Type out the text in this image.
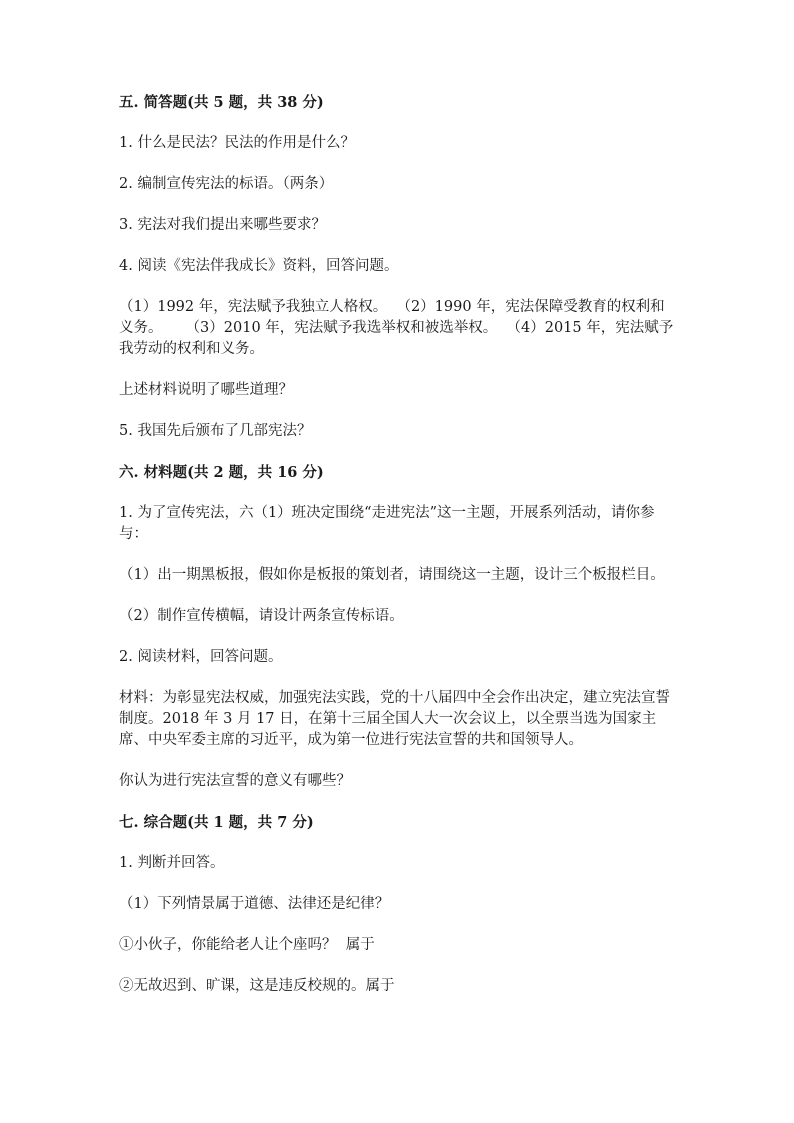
五. 简答题(共 5 题，共 38 分)
1. 什么是民法？民法的作用是什么？
2. 编制宣传宪法的标语。（两条）
3. 宪法对我们提出来哪些要求？
4. 阅读《宪法伴我成长》资料，回答问题。
（1）1992 年，宪法赋予我独立人格权。  （2）1990 年，宪法保障受教育的权利和义务。     （3）2010 年，宪法赋予我选举权和被选举权。  （4）2015 年，宪法赋予我劳动的权利和义务。
上述材料说明了哪些道理？
5. 我国先后颁布了几部宪法？
六. 材料题(共 2 题，共 16 分)
1. 为了宣传宪法，六（1）班决定围绕“走进宪法”这一主题，开展系列活动，请你参与：
（1）出一期黑板报，假如你是板报的策划者，请围绕这一主题，设计三个板报栏目。
（2）制作宣传横幅，请设计两条宣传标语。
2. 阅读材料，回答问题。
材料：为彰显宪法权威，加强宪法实践，党的十八届四中全会作出决定，建立宪法宣誓制度。2018 年 3 月 17 日，在第十三届全国人大一次会议上，以全票当选为国家主席、中央军委主席的习近平，成为第一位进行宪法宣誓的共和国领导人。
你认为进行宪法宣誓的意义有哪些？
七. 综合题(共 1 题，共 7 分)
1. 判断并回答。
（1）下列情景属于道德、法律还是纪律？
①小伙子，你能给老人让个座吗？  属于
②无故迟到、旷课，这是违反校规的。属于
